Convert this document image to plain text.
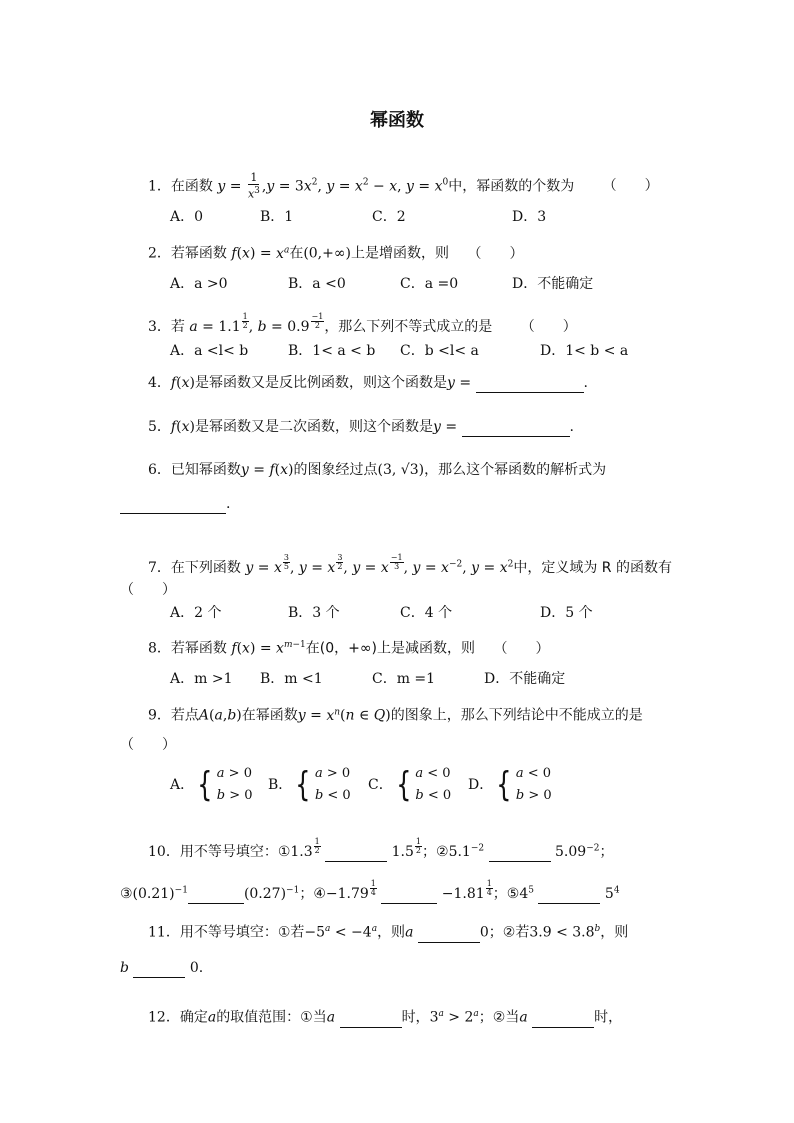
幂函数
1．在函数 $y = \frac{1}{x^3} ,y = 3x^2$, $y = x^2 - x$, $y = x^0$中，幂函数的个数为 （　　）
A．0	B．1	C．2	D．3
2．若幂函数 $f(x) = x^a$在(0,+∞)上是增函数，则 （　　）
A．a >0	B．a <0	C．a =0	D．不能确定
3．若 $a = 1.1 \frac{1}{2}$ , $b = 0.9 \frac{-1}{2}$ ，那么下列不等式成立的是 （　　）
A．a <l< b	B．1< a < b C．b <l< a	D．1< b < a
4．f(x)是幂函数又是反比例函数，则这个函数是y =	.
5．f(x)是幂函数又是二次函数，则这个函数是y =	.
6．已知幂函数y = f(x)的图象经过点(3, √3)，那么这个幂函数的解析式为
.
7．在下列函数 y = x $\frac{3}{5}$ , y = x $\frac{3}{2}$ , y = x $\frac{-1}{3}$ , $y = x^{-2}$, $y = x^2$中，定义域为 R 的函数有
（　　）
A．2 个	B．3 个	C．4 个	D．5 个
8．若幂函数 $f(x) = x^{m-1}$在(0，+∞)上是减函数，则 （　　）
A．m >1 B．m <1	C．m =1	D．不能确定
9．若点A(a,b)在幂函数$y = x^n(n$ ∈ Q)的图象上，那么下列结论中不能成立的是
（　　）
A． { a > 0
b > 0
B． { a > 0
b < 0
C． { a < 0
b < 0
D． { a < 0
b > 0
10．用不等号填空：①1.3 $\frac{1}{2}$	$1.5 \frac{1}{2}$ ；$②5.1^{-2}$	$5.09^{-2}$；
$③(0.21)^{-1}$	$(0.27)^{-1}$；④−1.79 $\frac{1}{4}$	$-1.81 \frac{1}{4}$ ；$⑤4^5$	$5^4$
11．用不等号填空：①若$-5^a < -4^a$，则a	0；②若3.9 < 3.8$^b$，则
b	0.
12．确定a的取值范围：①当a	时，$3^a > 2^a$；②当a	时，
